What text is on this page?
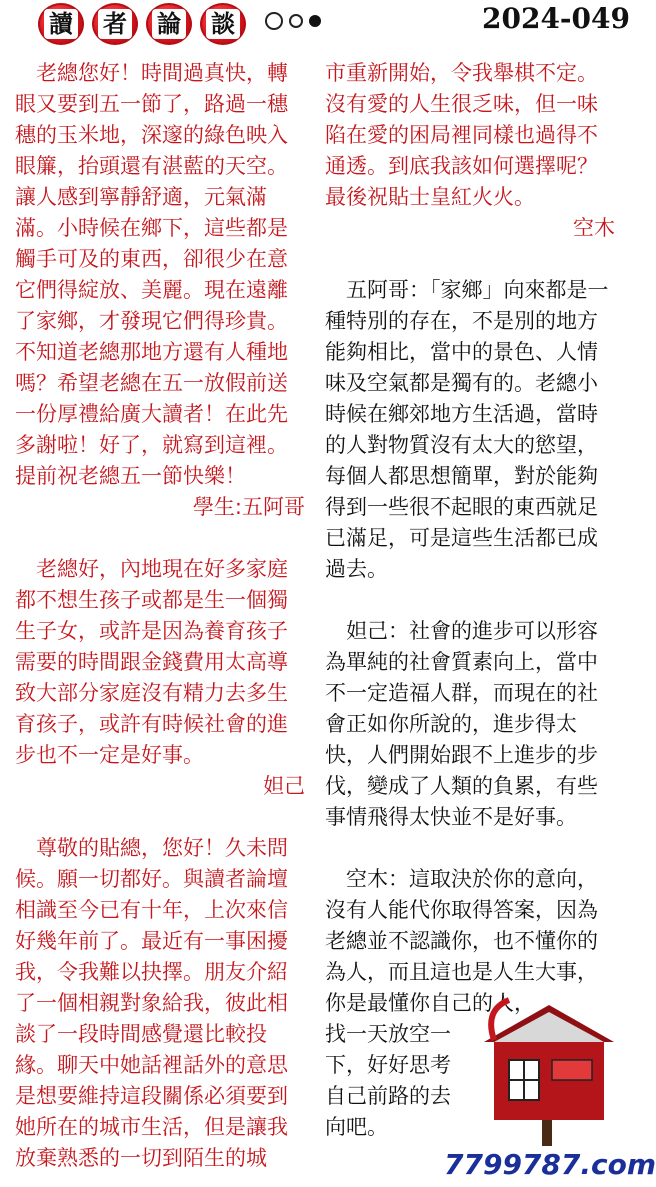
讀 者 論 談	2024-049

老總您好！時間過真快，轉眼又要到五一節了，路過一穗穗的玉米地，深邃的綠色映入眼簾，抬頭還有湛藍的天空。讓人感到寧靜舒適，元氣滿滿。小時候在鄉下，這些都是觸手可及的東西，卻很少在意它們得綻放、美麗。現在遠離了家鄉，才發現它們得珍貴。不知道老總那地方還有人種地嗎？希望老總在五一放假前送一份厚禮給廣大讀者！在此先多謝啦！好了，就寫到這裡。提前祝老總五一節快樂！

學生:五阿哥

老總好，內地現在好多家庭都不想生孩子或都是生一個獨生子女，或許是因為養育孩子需要的時間跟金錢費用太高導致大部分家庭沒有精力去多生育孩子，或許有時候社會的進步也不一定是好事。

妲己

尊敬的貼總，您好！久未問候。願一切都好。與讀者論壇相識至今已有十年，上次來信好幾年前了。最近有一事困擾我，令我難以抉擇。朋友介紹了一個相親對象給我，彼此相談了一段時間感覺還比較投緣。聊天中她話裡話外的意思是想要維持這段關係必須要到她所在的城市生活，但是讓我放棄熟悉的一切到陌生的城

市重新開始，令我舉棋不定。沒有愛的人生很乏味，但一味陷在愛的困局裡同樣也過得不通透。到底我該如何選擇呢？最後祝貼士皇紅火火。

空木

五阿哥：「家鄉」向來都是一種特別的存在，不是別的地方能夠相比，當中的景色、人情味及空氣都是獨有的。老總小時候在鄉郊地方生活過，當時的人對物質沒有太大的慾望，每個人都思想簡單，對於能夠得到一些很不起眼的東西就足已滿足，可是這些生活都已成過去。

妲己：社會的進步可以形容為單純的社會質素向上，當中不一定造福人群，而現在的社會正如你所說的，進步得太快，人們開始跟不上進步的步伐，變成了人類的負累，有些事情飛得太快並不是好事。

空木：這取決於你的意向，沒有人能代你取得答案，因為老總並不認識你，也不懂你的為人，而且這也是人生大事，你是最懂你自己的人，

找一天放空一下，好好思考自己前路的去向吧。

7799787.com
